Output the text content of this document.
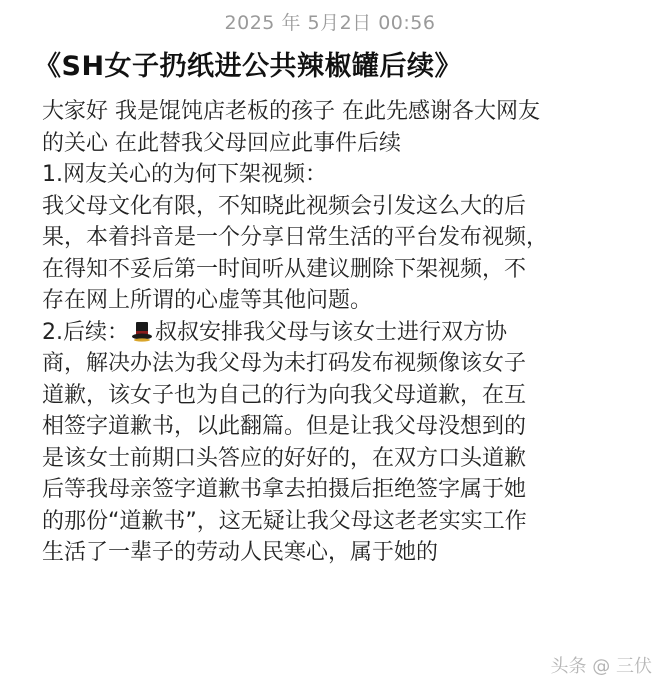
2025 年 5月2日 00:56
《SH女子扔纸进公共辣椒罐后续》
大家好 我是馄饨店老板的孩子 在此先感谢各大网友
的关心 在此替我父母回应此事件后续
1.网友关心的为何下架视频：
我父母文化有限，不知晓此视频会引发这么大的后
果，本着抖音是一个分享日常生活的平台发布视频，
在得知不妥后第一时间听从建议删除下架视频，不
存在网上所谓的心虚等其他问题。
2.后续： 叔叔安排我父母与该女士进行双方协
商，解决办法为我父母为未打码发布视频像该女子
道歉，该女子也为自己的行为向我父母道歉，在互
相签字道歉书，以此翻篇。但是让我父母没想到的
是该女士前期口头答应的好好的，在双方口头道歉
后等我母亲签字道歉书拿去拍摄后拒绝签字属于她
的那份“道歉书”，这无疑让我父母这老老实实工作
生活了一辈子的劳动人民寒心，属于她的
头条 @ 三伏
